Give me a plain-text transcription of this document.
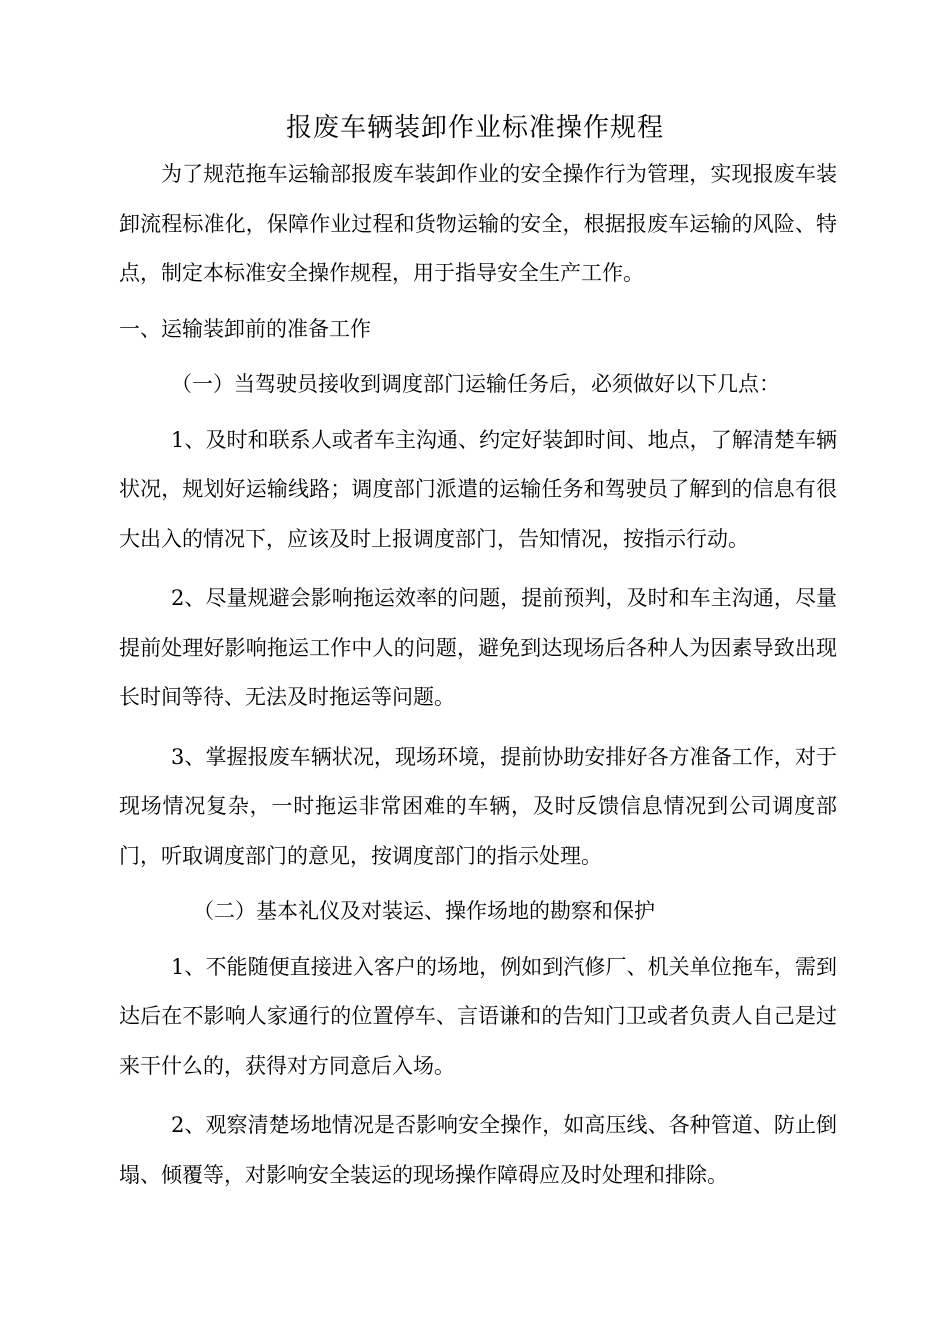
报废车辆装卸作业标准操作规程

为了规范拖车运输部报废车装卸作业的安全操作行为管理，实现报废车装卸流程标准化，保障作业过程和货物运输的安全，根据报废车运输的风险、特点，制定本标准安全操作规程，用于指导安全生产工作。

一、运输装卸前的准备工作

（一）当驾驶员接收到调度部门运输任务后，必须做好以下几点：

1、及时和联系人或者车主沟通、约定好装卸时间、地点，了解清楚车辆状况，规划好运输线路；调度部门派遣的运输任务和驾驶员了解到的信息有很大出入的情况下，应该及时上报调度部门，告知情况，按指示行动。

2、尽量规避会影响拖运效率的问题，提前预判，及时和车主沟通，尽量提前处理好影响拖运工作中人的问题，避免到达现场后各种人为因素导致出现长时间等待、无法及时拖运等问题。

3、掌握报废车辆状况，现场环境，提前协助安排好各方准备工作，对于现场情况复杂，一时拖运非常困难的车辆，及时反馈信息情况到公司调度部门，听取调度部门的意见，按调度部门的指示处理。

（二）基本礼仪及对装运、操作场地的勘察和保护

1、不能随便直接进入客户的场地，例如到汽修厂、机关单位拖车，需到达后在不影响人家通行的位置停车、言语谦和的告知门卫或者负责人自己是过来干什么的，获得对方同意后入场。

2、观察清楚场地情况是否影响安全操作，如高压线、各种管道、防止倒塌、倾覆等，对影响安全装运的现场操作障碍应及时处理和排除。
